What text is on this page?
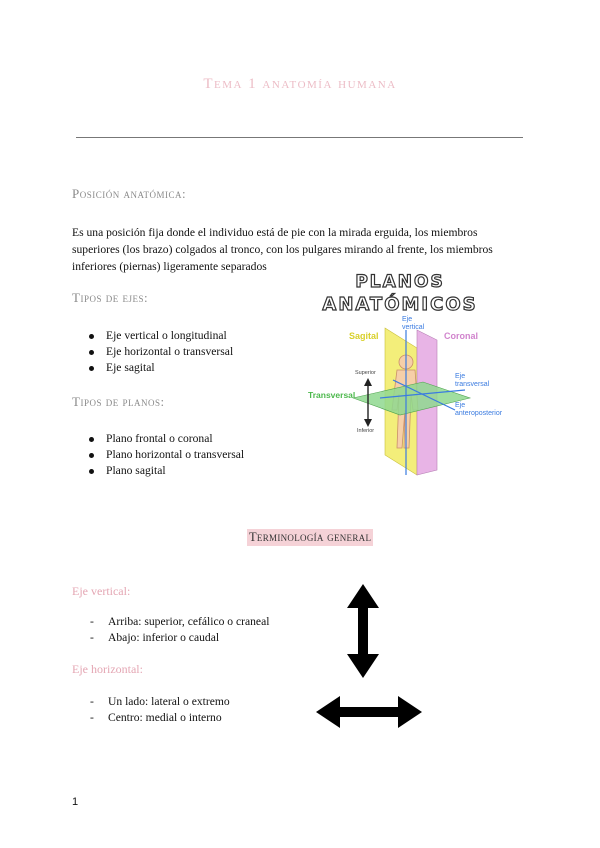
Tema 1 anatomía humana
Posición anatómica:
Es una posición fija donde el individuo está de pie con la mirada erguida, los miembros superiores (los brazo) colgados al tronco, con los pulgares mirando al frente, los miembros inferiores (piernas) ligeramente separados
Tipos de ejes:
Eje vertical o longitudinal
Eje horizontal o transversal
Eje sagital
Tipos de planos:
Plano frontal o coronal
Plano horizontal o transversal
Plano sagital
PLANOS
ANATÓMICOS
Sagital	Coronal
Transversal
Eje vertical
Eje transversal
Eje anteroposterior
Superior
Inferior
Terminología general
Eje vertical:
- Arriba: superior, cefálico o craneal
- Abajo: inferior o caudal
Eje horizontal:
- Un lado: lateral o extremo
- Centro: medial o interno
1
